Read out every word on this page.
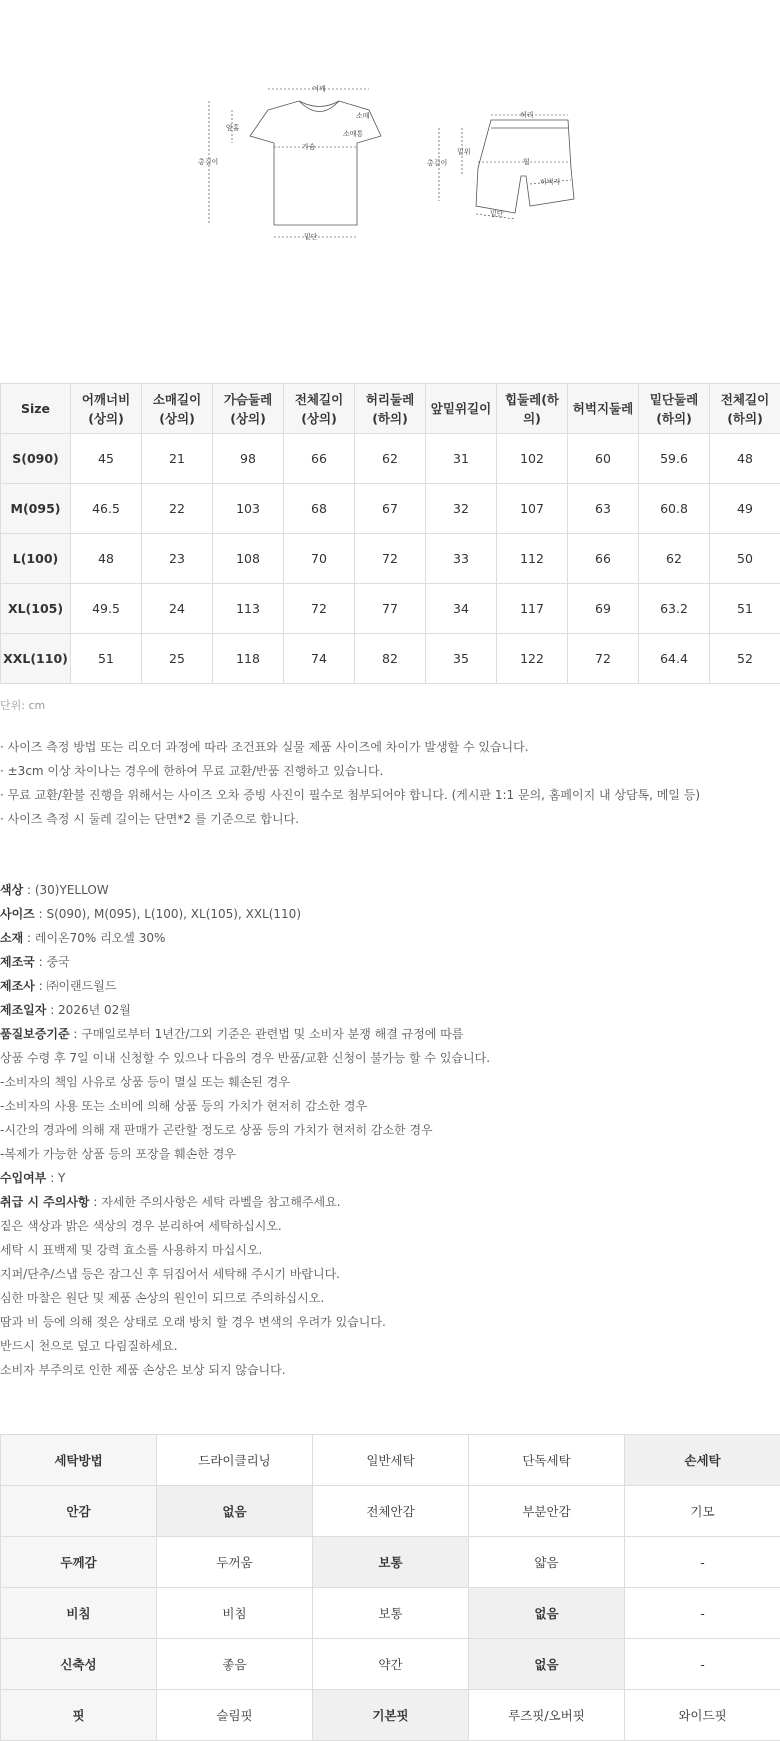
어깨
소매
소매통
암홀
가슴
총길이
밑단
허리
밑위
힙
허벅지
총길이
밑단
Size	어깨너비(상의)	소매길이(상의)	가슴둘레(상의)	전체길이(상의)	허리둘레(하의)	앞밑위길이	힙둘레(하의)	허벅지둘레	밑단둘레(하의)	전체길이(하의)
S(090)	45	21	98	66	62	31	102	60	59.6	48
M(095)	46.5	22	103	68	67	32	107	63	60.8	49
L(100)	48	23	108	70	72	33	112	66	62	50
XL(105)	49.5	24	113	72	77	34	117	69	63.2	51
XXL(110)	51	25	118	74	82	35	122	72	64.4	52
단위: cm
· 사이즈 측정 방법 또는 리오더 과정에 따라 조건표와 실물 제품 사이즈에 차이가 발생할 수 있습니다.
· ±3cm 이상 차이나는 경우에 한하여 무료 교환/반품 진행하고 있습니다.
· 무료 교환/환불 진행을 위해서는 사이즈 오차 증빙 사진이 필수로 첨부되어야 합니다. (게시판 1:1 문의, 홈페이지 내 상담톡, 메일 등)
· 사이즈 측정 시 둘레 길이는 단면*2 를 기준으로 합니다.
색상 : (30)YELLOW
사이즈 : S(090), M(095), L(100), XL(105), XXL(110)
소재 : 레이온70% 리오셀 30%
제조국 : 중국
제조사 : ㈜이랜드월드
제조일자 : 2026년 02월
품질보증기준 : 구매일로부터 1년간/그외 기준은 관련법 및 소비자 분쟁 해결 규정에 따름
상품 수령 후 7일 이내 신청할 수 있으나 다음의 경우 반품/교환 신청이 불가능 할 수 있습니다.
-소비자의 책임 사유로 상품 등이 멸실 또는 훼손된 경우
-소비자의 사용 또는 소비에 의해 상품 등의 가치가 현저히 감소한 경우
-시간의 경과에 의해 재 판매가 곤란할 정도로 상품 등의 가치가 현저히 감소한 경우
-복제가 가능한 상품 등의 포장을 훼손한 경우
수입여부 : Y
취급 시 주의사항 : 자세한 주의사항은 세탁 라벨을 참고해주세요.
짙은 색상과 밝은 색상의 경우 분리하여 세탁하십시오.
세탁 시 표백제 및 강력 효소를 사용하지 마십시오.
지퍼/단추/스냅 등은 잠그신 후 뒤집어서 세탁해 주시기 바랍니다.
심한 마찰은 원단 및 제품 손상의 원인이 되므로 주의하십시오.
땀과 비 등에 의해 젖은 상태로 오래 방치 할 경우 변색의 우려가 있습니다.
반드시 천으로 덮고 다림질하세요.
소비자 부주의로 인한 제품 손상은 보상 되지 않습니다.
세탁방법	드라이클리닝	일반세탁	단독세탁	손세탁
안감	없음	전체안감	부분안감	기모
두께감	두꺼움	보통	얇음	-
비침	비침	보통	없음	-
신축성	좋음	약간	없음	-
핏	슬림핏	기본핏	루즈핏/오버핏	와이드핏
